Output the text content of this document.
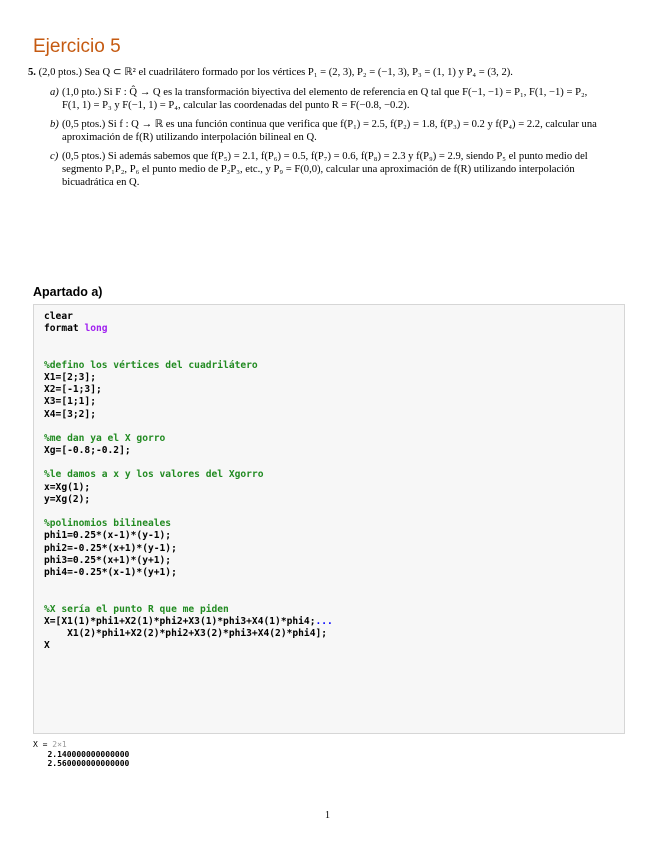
Ejercicio 5

5. (2,0 ptos.) Sea Q ⊂ ℝ² el cuadrilátero formado por los vértices P₁ = (2, 3), P₂ = (−1, 3), P₃ = (1, 1) y P₄ = (3, 2).

a) (1,0 pto.) Si F : Q̂ → Q es la transformación biyectiva del elemento de referencia en Q tal que F(−1, −1) = P₁, F(1, −1) = P₂, F(1, 1) = P₃ y F(−1, 1) = P₄, calcular las coordenadas del punto R = F(−0.8, −0.2).
b) (0,5 ptos.) Si f : Q → ℝ es una función continua que verifica que f(P₁) = 2.5, f(P₂) = 1.8, f(P₃) = 0.2 y f(P₄) = 2.2, calcular una aproximación de f(R) utilizando interpolación bilineal en Q.
c) (0,5 ptos.) Si además sabemos que f(P₅) = 2.1, f(P₆) = 0.5, f(P₇) = 0.6, f(P₈) = 2.3 y f(P₉) = 2.9, siendo P₅ el punto medio del segmento P₁P₂, P₆ el punto medio de P₂P₃, etc., y P₉ = F(0,0), calcular una aproximación de f(R) utilizando interpolación bicuadrática en Q.
Apartado a)
clear
format long
%defino los vértices del cuadrilátero
X1=[2;3];
X2=[-1;3];
X3=[1;1];
X4=[3;2];
%me dan ya el X gorro
Xg=[-0.8;-0.2];
%le damos a x y los valores del Xgorro
x=Xg(1);
y=Xg(2);
%polinomios bilineales
phi1=0.25*(x-1)*(y-1);
phi2=-0.25*(x+1)*(y-1);
phi3=0.25*(x+1)*(y+1);
phi4=-0.25*(x-1)*(y+1);
%X sería el punto R que me piden
X=[X1(1)*phi1+X2(1)*phi2+X3(1)*phi3+X4(1)*phi4;...
X1(2)*phi1+X2(2)*phi2+X3(2)*phi3+X4(2)*phi4];
X
X = 2×1
2.140000000000000
2.560000000000000
1
